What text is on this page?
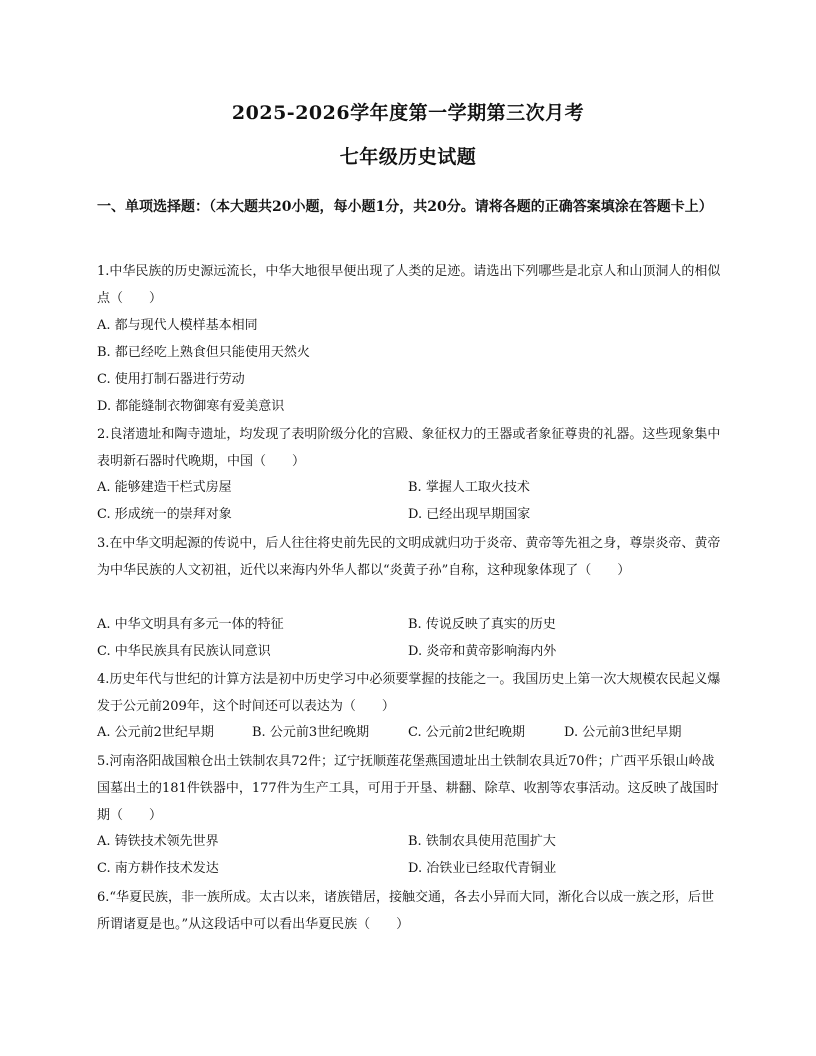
2025-2026学年度第一学期第三次月考
七年级历史试题
一、单项选择题：（本大题共20小题，每小题1分，共20分。请将各题的正确答案填涂在答题卡上）
1.中华民族的历史源远流长，中华大地很早便出现了人类的足迹。请选出下列哪些是北京人和山顶洞人的相似点（　　）
A. 都与现代人模样基本相同
B. 都已经吃上熟食但只能使用天然火
C. 使用打制石器进行劳动
D. 都能缝制衣物御寒有爱美意识
2.良渚遗址和陶寺遗址，均发现了表明阶级分化的宫殿、象征权力的王器或者象征尊贵的礼器。这些现象集中表明新石器时代晚期，中国（　　）
A. 能够建造干栏式房屋	B. 掌握人工取火技术
C. 形成统一的崇拜对象	D. 已经出现早期国家
3.在中华文明起源的传说中，后人往往将史前先民的文明成就归功于炎帝、黄帝等先祖之身，尊崇炎帝、黄帝为中华民族的人文初祖，近代以来海内外华人都以“炎黄子孙”自称，这种现象体现了（　　）
A. 中华文明具有多元一体的特征	B. 传说反映了真实的历史
C. 中华民族具有民族认同意识	D. 炎帝和黄帝影响海内外
4.历史年代与世纪的计算方法是初中历史学习中必须要掌握的技能之一。我国历史上第一次大规模农民起义爆发于公元前209年，这个时间还可以表达为（　　）
A. 公元前2世纪早期	B. 公元前3世纪晚期	C. 公元前2世纪晚期	D. 公元前3世纪早期
5.河南洛阳战国粮仓出土铁制农具72件；辽宁抚顺莲花堡燕国遗址出土铁制农具近70件；广西平乐银山岭战国墓出土的181件铁器中，177件为生产工具，可用于开垦、耕翻、除草、收割等农事活动。这反映了战国时期（　　）
A. 铸铁技术领先世界	B. 铁制农具使用范围扩大
C. 南方耕作技术发达	D. 冶铁业已经取代青铜业
6.“华夏民族，非一族所成。太古以来，诸族错居，接触交通，各去小异而大同，渐化合以成一族之形，后世所谓诸夏是也。”从这段话中可以看出华夏民族（　　）
